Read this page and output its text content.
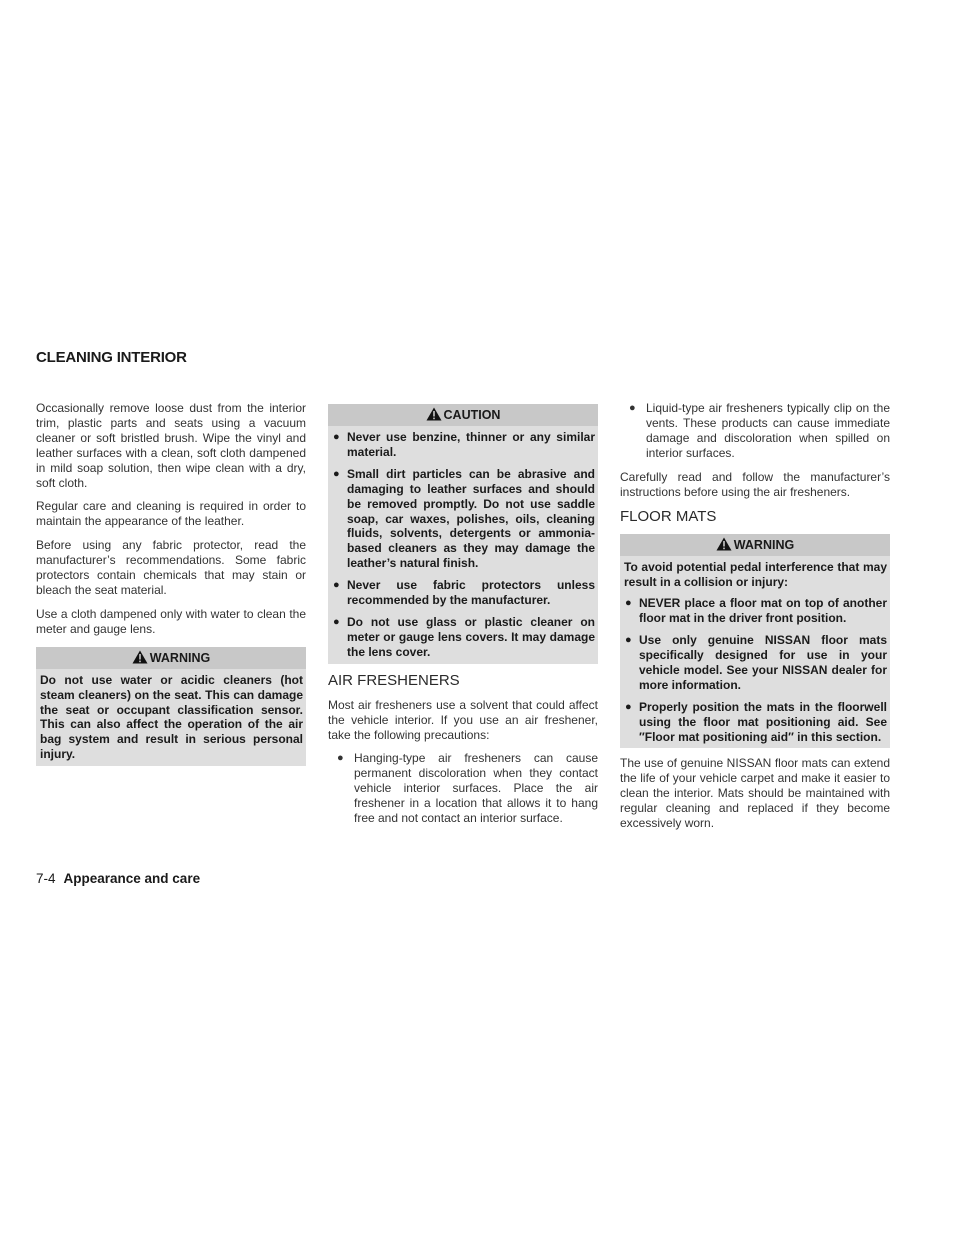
CLEANING INTERIOR

Occasionally remove loose dust from the interior trim, plastic parts and seats using a vacuum cleaner or soft bristled brush. Wipe the vinyl and leather surfaces with a clean, soft cloth dampened in mild soap solution, then wipe clean with a dry, soft cloth.

Regular care and cleaning is required in order to maintain the appearance of the leather.

Before using any fabric protector, read the manufacturer’s recommendations. Some fabric protectors contain chemicals that may stain or bleach the seat material.

Use a cloth dampened only with water to clean the meter and gauge lens.

WARNING
Do not use water or acidic cleaners (hot steam cleaners) on the seat. This can damage the seat or occupant classification sensor. This can also affect the operation of the air bag system and result in serious personal injury.
CAUTION
● Never use benzine, thinner or any similar material.
● Small dirt particles can be abrasive and damaging to leather surfaces and should be removed promptly. Do not use saddle soap, car waxes, polishes, oils, cleaning fluids, solvents, detergents or ammonia-based cleaners as they may damage the leather’s natural finish.
● Never use fabric protectors unless recommended by the manufacturer.
● Do not use glass or plastic cleaner on meter or gauge lens covers. It may damage the lens cover.
AIR FRESHENERS

Most air fresheners use a solvent that could affect the vehicle interior. If you use an air freshener, take the following precautions:

● Hanging-type air fresheners can cause permanent discoloration when they contact vehicle interior surfaces. Place the air freshener in a location that allows it to hang free and not contact an interior surface.
● Liquid-type air fresheners typically clip on the vents. These products can cause immediate damage and discoloration when spilled on interior surfaces.

Carefully read and follow the manufacturer’s instructions before using the air fresheners.

FLOOR MATS
WARNING
To avoid potential pedal interference that may result in a collision or injury:
● NEVER place a floor mat on top of another floor mat in the driver front position.
● Use only genuine NISSAN floor mats specifically designed for use in your vehicle model. See your NISSAN dealer for more information.
● Properly position the mats in the floorwell using the floor mat positioning aid. See ″Floor mat positioning aid″ in this section.

The use of genuine NISSAN floor mats can extend the life of your vehicle carpet and make it easier to clean the interior. Mats should be maintained with regular cleaning and replaced if they become excessively worn.

7-4 Appearance and care
